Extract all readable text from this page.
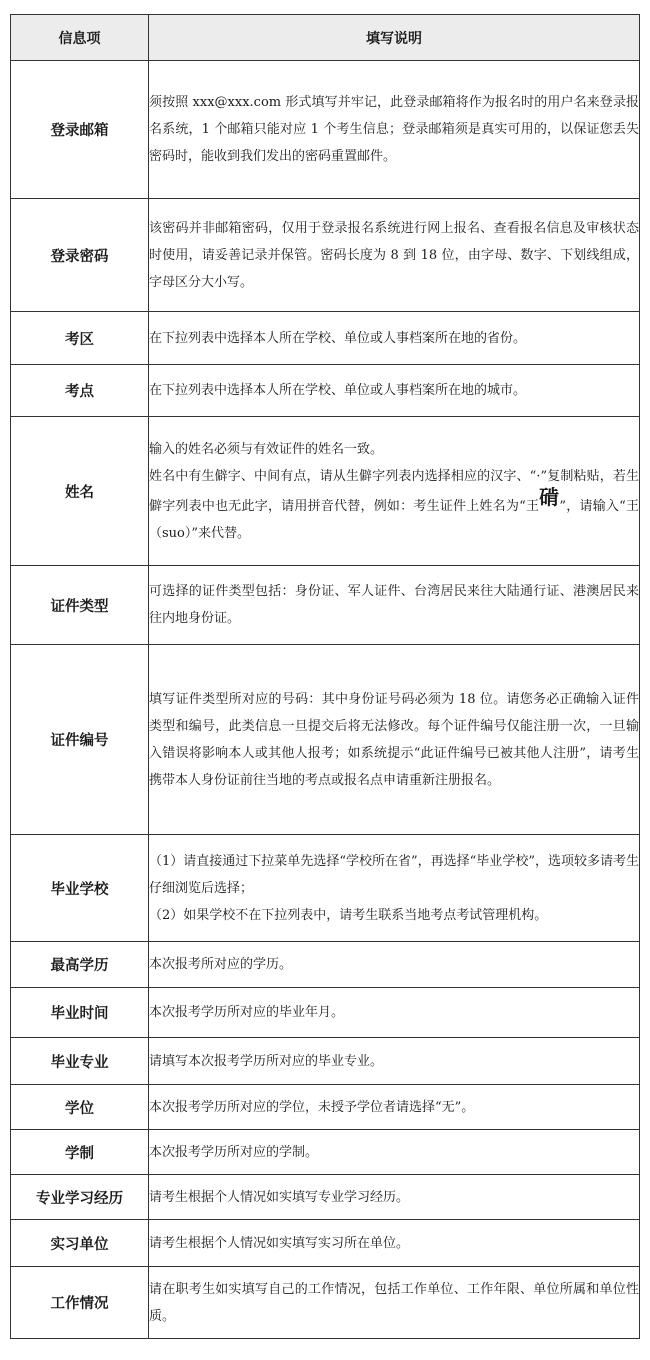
信息项	填写说明
登录邮箱	须按照 xxx@xxx.com 形式填写并牢记，此登录邮箱将作为报名时的用户名来登录报名系统，1 个邮箱只能对应 1 个考生信息；登录邮箱须是真实可用的，以保证您丢失密码时，能收到我们发出的密码重置邮件。

登录密码	该密码并非邮箱密码，仅用于登录报名系统进行网上报名、查看报名信息及审核状态时使用，请妥善记录并保管。密码长度为 8 到 18 位，由字母、数字、下划线组成，字母区分大小写。

考区	在下拉列表中选择本人所在学校、单位或人事档案所在地的省份。

考点	在下拉列表中选择本人所在学校、单位或人事档案所在地的城市。

姓名	输入的姓名必须与有效证件的姓名一致。
姓名中有生僻字、中间有点，请从生僻字列表内选择相应的汉字、“·”复制粘贴，若生僻字列表中也无此字，请用拼音代替，例如：考生证件上姓名为“王𬒔”，请输入“王（suo）”来代替。

证件类型	可选择的证件类型包括：身份证、军人证件、台湾居民来往大陆通行证、港澳居民来往内地身份证。

证件编号	填写证件类型所对应的号码：其中身份证号码必须为 18 位。请您务必正确输入证件类型和编号，此类信息一旦提交后将无法修改。每个证件编号仅能注册一次，一旦输入错误将影响本人或其他人报考；如系统提示“此证件编号已被其他人注册”，请考生携带本人身份证前往当地的考点或报名点申请重新注册报名。

毕业学校	（1）请直接通过下拉菜单先选择“学校所在省”，再选择“毕业学校”，选项较多请考生仔细浏览后选择；
（2）如果学校不在下拉列表中，请考生联系当地考点考试管理机构。

最高学历	本次报考所对应的学历。

毕业时间	本次报考学历所对应的毕业年月。

毕业专业	请填写本次报考学历所对应的毕业专业。

学位	本次报考学历所对应的学位，未授予学位者请选择“无”。

学制	本次报考学历所对应的学制。

专业学习经历	请考生根据个人情况如实填写专业学习经历。

实习单位	请考生根据个人情况如实填写实习所在单位。

工作情况	请在职考生如实填写自己的工作情况，包括工作单位、工作年限、单位所属和单位性质。
